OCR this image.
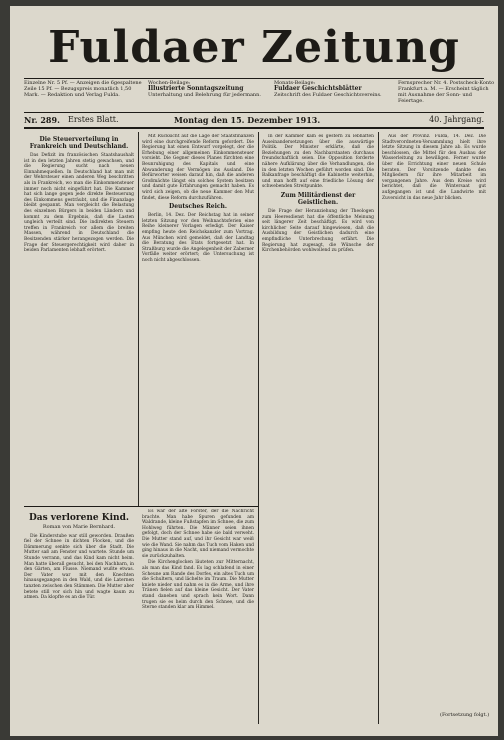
Fuldaer Zeitung
Einzelne Nr. 5 Pf. — Anzeigen die 6gespaltene Zeile 15 Pf. — Bezugspreis monatlich 1,50 Mark. — Redaktion und Verlag Fulda.
Wochen-Beilage:
Illustrierte Sonntagszeitung
Unterhaltung und Belehrung für jedermann.
Monats-Beilage:
Fuldaer Geschichtsblätter
Zeitschrift des Fuldaer Geschichtsvereins.
Fernsprecher Nr. 4. Postscheck-Konto Frankfurt a. M. — Erscheint täglich mit Ausnahme der Sonn- und Feiertage.
Nr. 289. Erstes Blatt.	Montag den 15. Dezember 1913.	40. Jahrgang.
Die Steuerverteilung in Frankreich und Deutschland.

Das Defizit im französischen Staatshaushalt ist in den letzten Jahren stetig gewachsen, und die Regierung sucht nach neuen Einnahmequellen. In Deutschland hat man mit der Wehrsteuer einen anderen Weg beschritten als in Frankreich, wo man die Einkommensteuer immer noch nicht eingeführt hat. Die Kammer hat sich lange gegen jede direkte Besteuerung des Einkommens gesträubt, und die Finanzlage bleibt gespannt. Man vergleicht die Belastung des einzelnen Bürgers in beiden Ländern und kommt zu dem Ergebnis, daß die Lasten ungleich verteilt sind. Die indirekten Steuern treffen in Frankreich vor allem die breiten Massen, während in Deutschland die Besitzenden stärker herangezogen werden. Die Frage der Steuergerechtigkeit wird daher in beiden Parlamenten lebhaft erörtert.

Mit Rücksicht auf die Lage der Staatsfinanzen wird eine durchgreifende Reform gefordert. Die Regierung hat einen Entwurf vorgelegt, der die Erhebung einer allgemeinen Einkommensteuer vorsieht. Die Gegner dieses Planes fürchten eine Beunruhigung des Kapitals und eine Abwanderung der Vermögen ins Ausland. Die Befürworter weisen darauf hin, daß die anderen Großmächte längst ein solches System besitzen und damit gute Erfahrungen gemacht haben. Es wird sich zeigen, ob die neue Kammer den Mut findet, diese Reform durchzuführen.

Deutsches Reich.

Berlin, 14. Dez. Der Reichstag hat in seiner letzten Sitzung vor den Weihnachtsferien eine Reihe kleinerer Vorlagen erledigt. Der Kaiser empfing heute den Reichskanzler zum Vortrag. Aus München wird gemeldet, daß der Landtag die Beratung des Etats fortgesetzt hat. In Straßburg wurde die Angelegenheit der Zaberner Vorfälle weiter erörtert; die Untersuchung ist noch nicht abgeschlossen.

In der Kammer kam es gestern zu lebhaften Auseinandersetzungen über die auswärtige Politik. Der Minister erklärte, daß die Beziehungen zu den Nachbarstaaten durchaus freundschaftlich seien. Die Opposition forderte nähere Aufklärung über die Verhandlungen, die in den letzten Wochen geführt worden sind. Die Balkanfrage beschäftigt die Kabinette weiterhin, und man hofft auf eine friedliche Lösung der schwebenden Streitpunkte.

Zum Militärdienst der Geistlichen.

Die Frage der Heranziehung der Theologen zum Heeresdienst hat die öffentliche Meinung seit längerer Zeit beschäftigt. Es wird von kirchlicher Seite darauf hingewiesen, daß die Ausbildung der Geistlichen dadurch eine empfindliche Unterbrechung erfährt. Die Regierung hat zugesagt, die Wünsche der Kirchenbehörden wohlwollend zu prüfen.

Aus der Provinz. Fulda, 14. Dez. Die Stadtverordneten-Versammlung hielt ihre letzte Sitzung in diesem Jahre ab. Es wurde beschlossen, die Mittel für den Ausbau der Wasserleitung zu bewilligen. Ferner wurde über die Errichtung einer neuen Schule beraten. Der Vorsitzende dankte den Mitgliedern für ihre Mitarbeit im vergangenen Jahre. Aus dem Kreise wird berichtet, daß die Wintersaat gut aufgegangen ist und die Landwirte mit Zuversicht in das neue Jahr blicken.

Das verlorene Kind.
Roman von Marie Bernhard.

Die Kinderstube war still geworden. Draußen fiel der Schnee in dichten Flocken, und die Dämmerung senkte sich über die Stadt. Die Mutter saß am Fenster und wartete. Stunde um Stunde verrann, und das Kind kam nicht heim. Man hatte überall gesucht, bei den Nachbarn, in den Gärten, am Flusse. Niemand wußte etwas. Der Vater war mit den Knechten hinausgegangen in den Wald, und die Laternen tanzten zwischen den Stämmen. Die Mutter aber betete still vor sich hin und wagte kaum zu atmen. Da klopfte es an die Tür.

Es war der alte Förster, der die Nachricht brachte. Man habe Spuren gefunden am Waldrande, kleine Fußstapfen im Schnee, die zum Hohlweg führten. Die Männer seien ihnen gefolgt, doch der Schnee habe sie bald verweht. Die Mutter stand auf, und ihr Gesicht war weiß wie die Wand. Sie nahm das Tuch vom Haken und ging hinaus in die Nacht, und niemand vermochte sie zurückzuhalten.

Die Kirchenglocken läuteten zur Mitternacht, als man das Kind fand. Es lag schlafend in einer Scheune am Rande des Dorfes, ein altes Tuch um die Schultern, und lächelte im Traum. Die Mutter kniete nieder und nahm es in die Arme, und ihre Tränen fielen auf das kleine Gesicht. Der Vater stand daneben und sprach kein Wort. Dann trugen sie es heim durch den Schnee, und die Sterne standen klar am Himmel.

(Fortsetzung folgt.)
